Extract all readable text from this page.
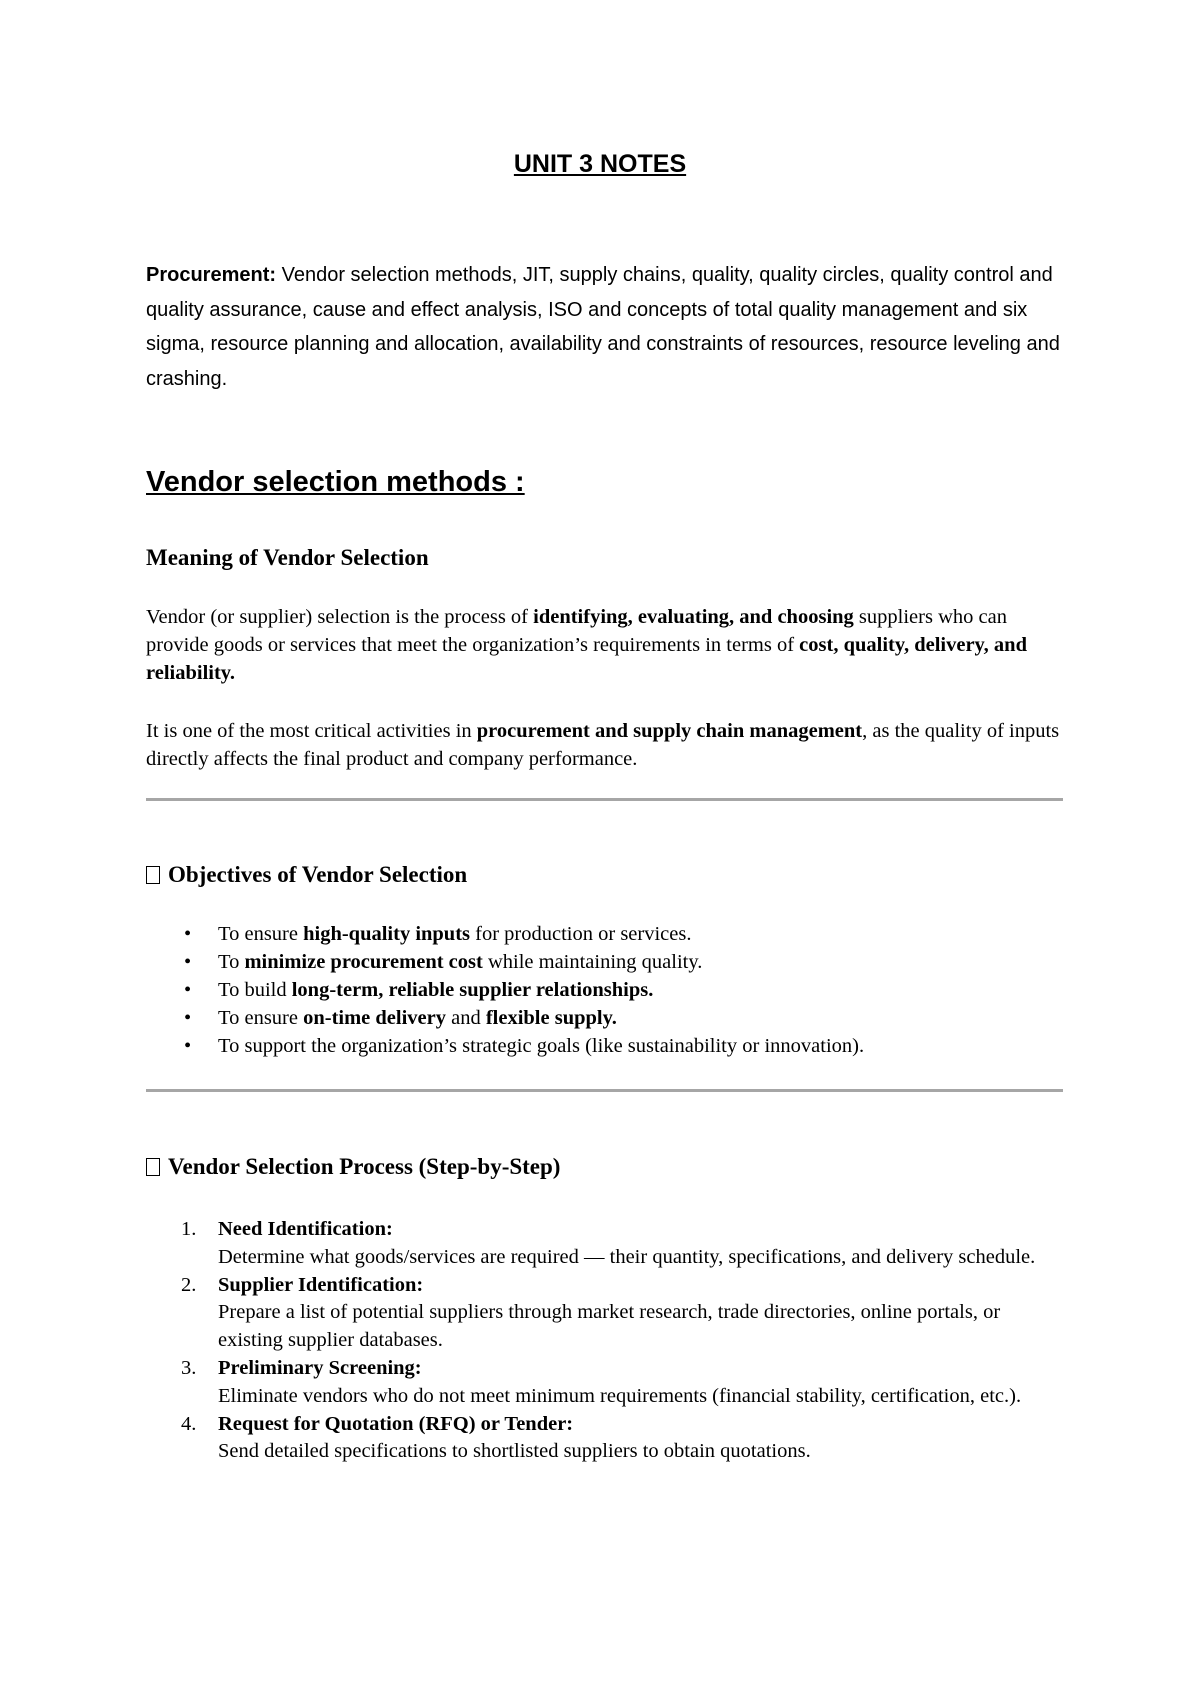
UNIT 3 NOTES

Procurement: Vendor selection methods, JIT, supply chains, quality, quality circles, quality control and quality assurance, cause and effect analysis, ISO and concepts of total quality management and six sigma, resource planning and allocation, availability and constraints of resources, resource leveling and crashing.

Vendor selection methods :
Meaning of Vendor Selection

Vendor (or supplier) selection is the process of identifying, evaluating, and choosing suppliers who can provide goods or services that meet the organization’s requirements in terms of cost, quality, delivery, and reliability.

It is one of the most critical activities in procurement and supply chain management, as the quality of inputs directly affects the final product and company performance.

Objectives of Vendor Selection
• To ensure high-quality inputs for production or services.
• To minimize procurement cost while maintaining quality.
• To build long-term, reliable supplier relationships.
• To ensure on-time delivery and flexible supply.
• To support the organization’s strategic goals (like sustainability or innovation).
Vendor Selection Process (Step-by-Step)
1. Need Identification:
Determine what goods/services are required — their quantity, specifications, and delivery schedule.
2. Supplier Identification:
Prepare a list of potential suppliers through market research, trade directories, online portals, or existing supplier databases.
3. Preliminary Screening:
Eliminate vendors who do not meet minimum requirements (financial stability, certification, etc.).
4. Request for Quotation (RFQ) or Tender:
Send detailed specifications to shortlisted suppliers to obtain quotations.
